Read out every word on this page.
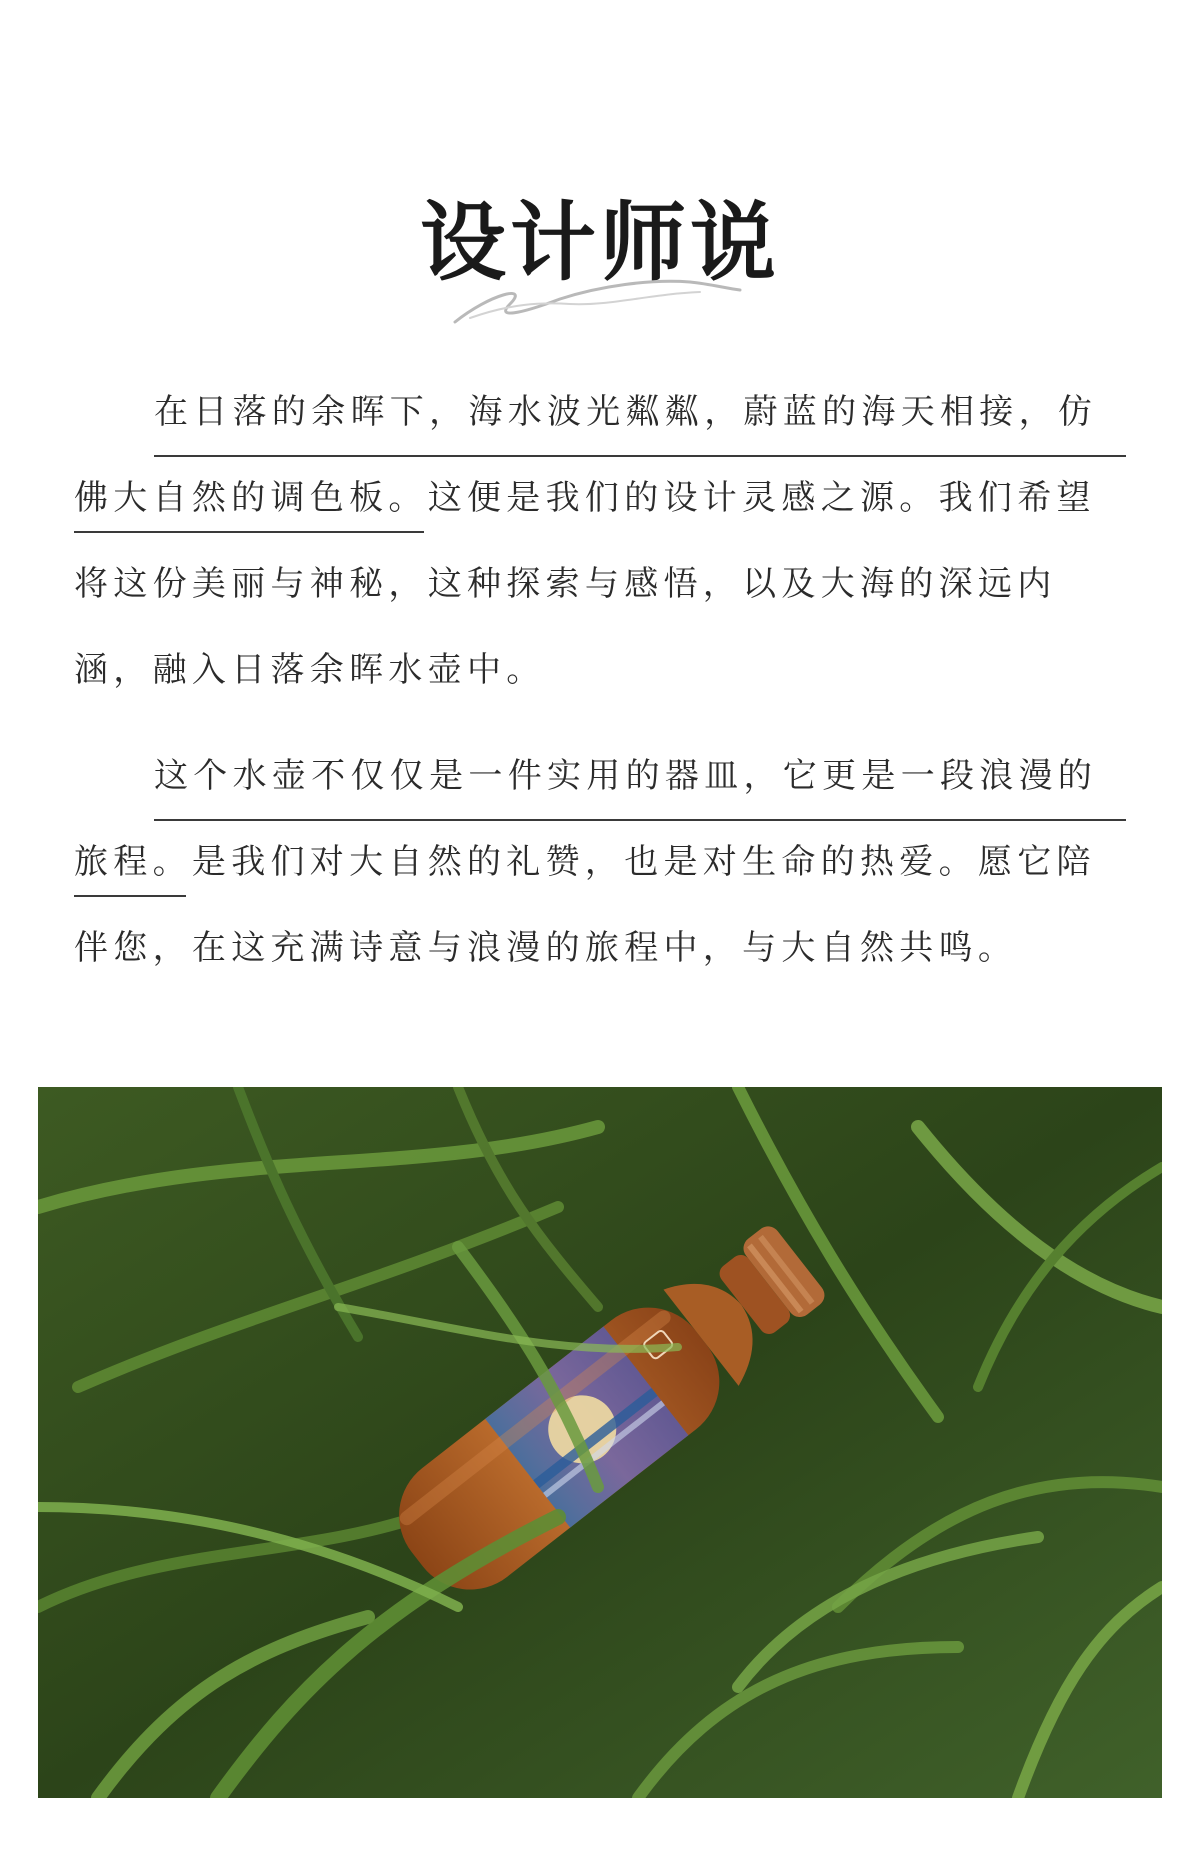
设计师说
在日落的余晖下，海水波光粼粼，蔚蓝的海天相接，仿
佛大自然的调色板。这便是我们的设计灵感之源。我们希望
将这份美丽与神秘，这种探索与感悟，以及大海的深远内
涵，融入日落余晖水壶中。
这个水壶不仅仅是一件实用的器皿，它更是一段浪漫的
旅程。是我们对大自然的礼赞，也是对生命的热爱。愿它陪
伴您，在这充满诗意与浪漫的旅程中，与大自然共鸣。
